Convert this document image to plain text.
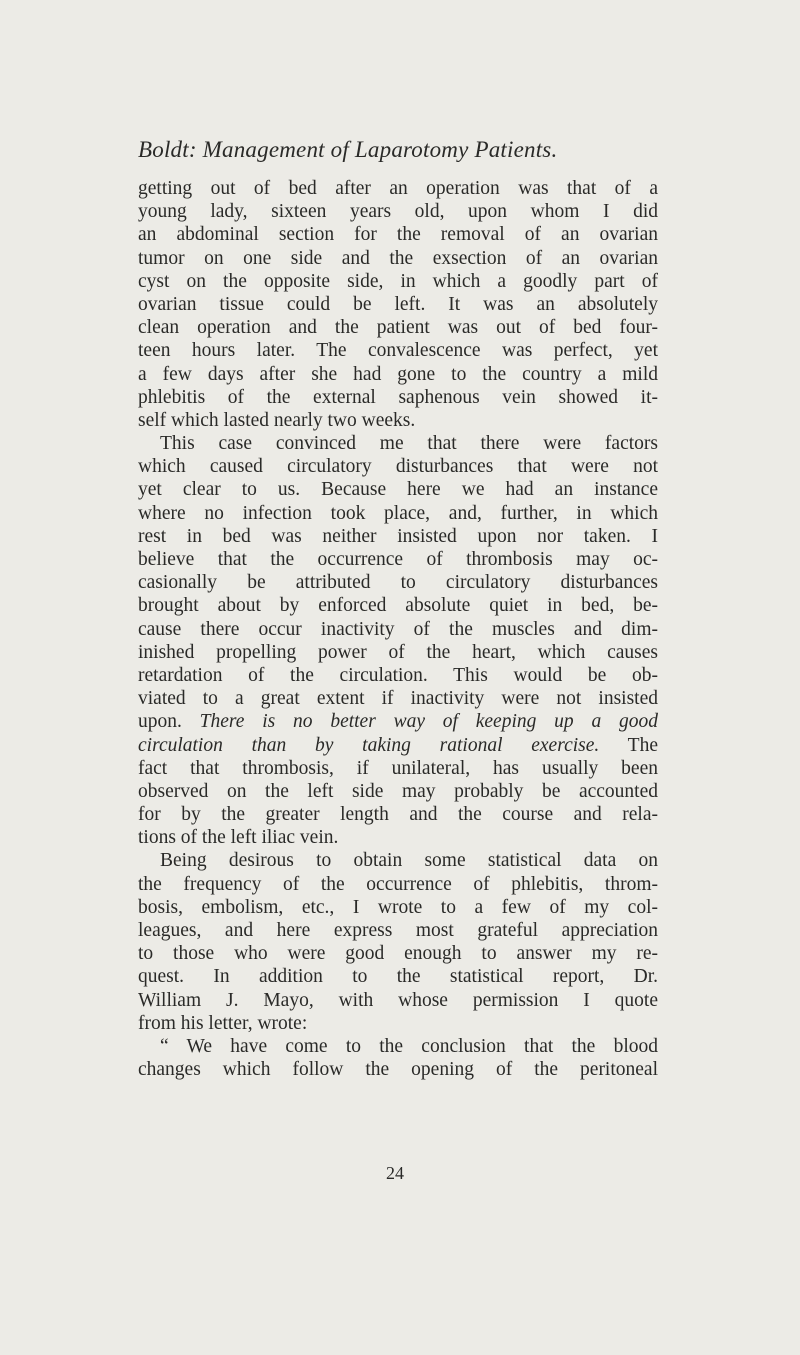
Boldt: Management of Laparotomy Patients.
getting out of bed after an operation was that of a
young lady, sixteen years old, upon whom I did
an abdominal section for the removal of an ovarian
tumor on one side and the exsection of an ovarian
cyst on the opposite side, in which a goodly part of
ovarian tissue could be left. It was an absolutely
clean operation and the patient was out of bed four-
teen hours later. The convalescence was perfect, yet
a few days after she had gone to the country a mild
phlebitis of the external saphenous vein showed it-
self which lasted nearly two weeks.
This case convinced me that there were factors
which caused circulatory disturbances that were not
yet clear to us. Because here we had an instance
where no infection took place, and, further, in which
rest in bed was neither insisted upon nor taken. I
believe that the occurrence of thrombosis may oc-
casionally be attributed to circulatory disturbances
brought about by enforced absolute quiet in bed, be-
cause there occur inactivity of the muscles and dim-
inished propelling power of the heart, which causes
retardation of the circulation. This would be ob-
viated to a great extent if inactivity were not insisted
upon. There is no better way of keeping up a good
circulation than by taking rational exercise. The
fact that thrombosis, if unilateral, has usually been
observed on the left side may probably be accounted
for by the greater length and the course and rela-
tions of the left iliac vein.
Being desirous to obtain some statistical data on
the frequency of the occurrence of phlebitis, throm-
bosis, embolism, etc., I wrote to a few of my col-
leagues, and here express most grateful appreciation
to those who were good enough to answer my re-
quest. In addition to the statistical report, Dr.
William J. Mayo, with whose permission I quote
from his letter, wrote:
“ We have come to the conclusion that the blood
changes which follow the opening of the peritoneal
24
